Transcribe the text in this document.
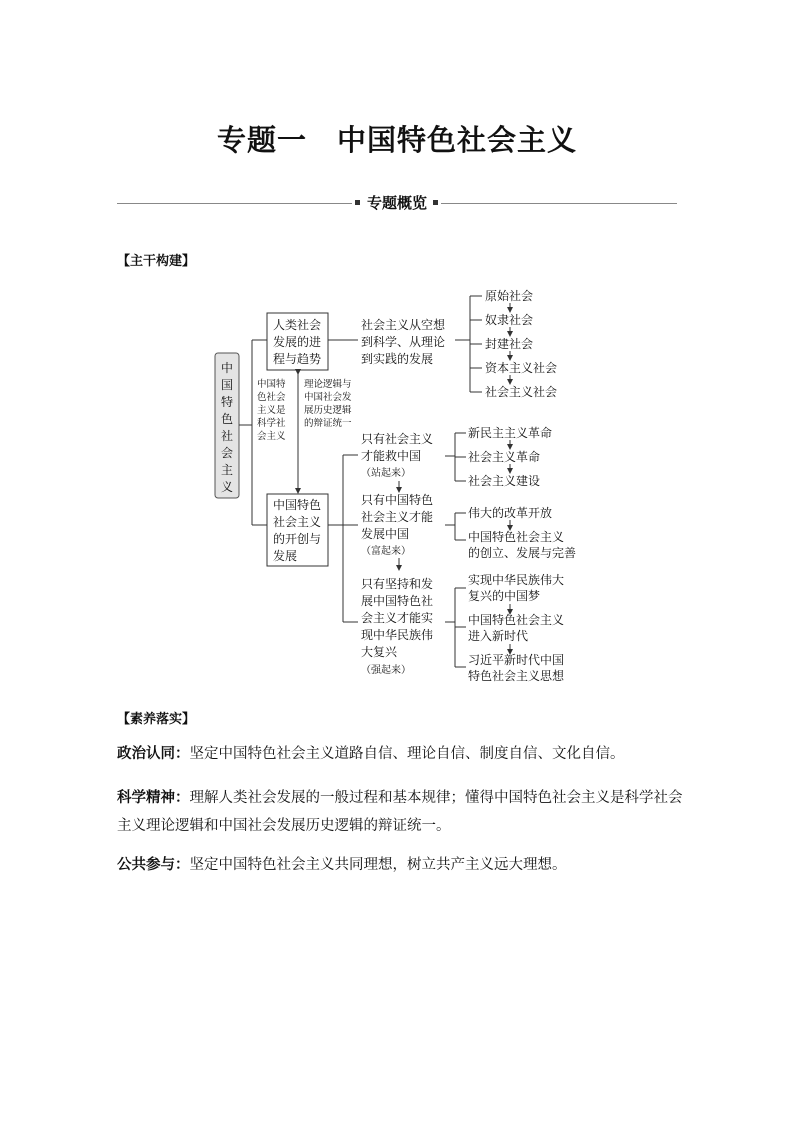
专题一　中国特色社会主义
专题概览
【主干构建】
中
国
特
色
社
会
主
义
人类社会
发展的进
程与趋势
中国特色
社会主义
的开创与
发展
中国特
色社会
主义是
科学社
会主义
理论逻辑与
中国社会发
展历史逻辑
的辩证统一
社会主义从空想
到科学、从理论
到实践的发展
原始社会
奴隶社会
封建社会
资本主义社会
社会主义社会
只有社会主义
才能救中国
（站起来）
新民主主义革命
社会主义革命
社会主义建设
只有中国特色
社会主义才能
发展中国
（富起来）
伟大的改革开放
中国特色社会主义
的创立、发展与完善
只有坚持和发
展中国特色社
会主义才能实
现中华民族伟
大复兴
（强起来）
实现中华民族伟大
复兴的中国梦
中国特色社会主义
进入新时代
习近平新时代中国
特色社会主义思想
【素养落实】
政治认同：坚定中国特色社会主义道路自信、理论自信、制度自信、文化自信。
科学精神：理解人类社会发展的一般过程和基本规律；懂得中国特色社会主义是科学社会主义理论逻辑和中国社会发展历史逻辑的辩证统一。
公共参与：坚定中国特色社会主义共同理想，树立共产主义远大理想。
